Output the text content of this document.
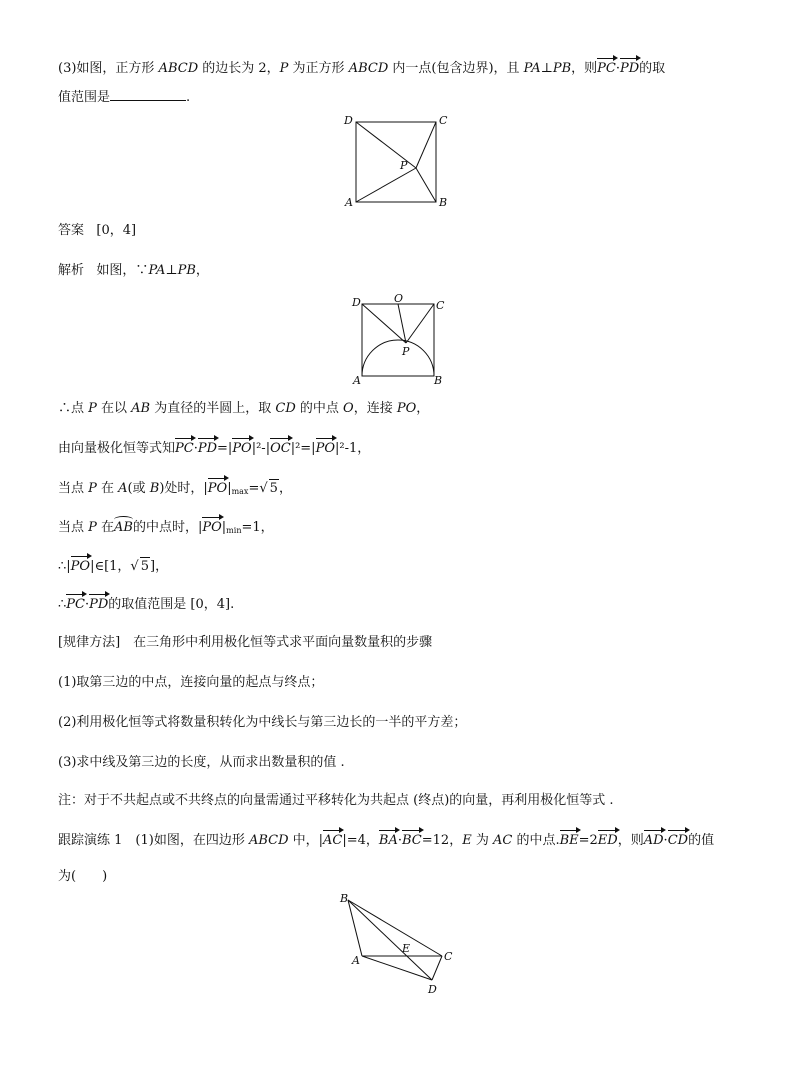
(3)如图，正方形 ABCD 的边长为 2，P 为正方形 ABCD 内一点(包含边界)，且 PA⊥PB，则PC·PD的取
值范围是	.
D	C
A	B
P
答案 [0，4]
解析 如图，∵PA⊥PB，
D	O
C
A	B
P
∴点 P 在以 AB 为直径的半圆上，取 CD 的中点 O，连接 PO，
由向量极化恒等式知PC·PD=|PO|²-|OC|²=|PO|²-1，
当点 P 在 A(或 B)处时，$|PO|_{max}=√$ 5，
当点 P 在AB的中点时，$|PO|_{min}=1$，
∴|PO|∈[1，√ 5]，
∴PC·PD的取值范围是 [0，4].
[规律方法]　在三角形中利用极化恒等式求平面向量数量积的步骤
(1)取第三边的中点，连接向量的起点与终点；
(2)利用极化恒等式将数量积转化为中线长与第三边长的一半的平方差；
(3)求中线及第三边的长度，从而求出数量积的值 .
注：对于不共起点或不共终点的向量需通过平移转化为共起点 (终点)的向量，再利用极化恒等式 .
跟踪演练 1　(1)如图，在四边形 ABCD 中，|AC|=4，BA·BC=12，E 为 AC 的中点.BE=2ED，则AD·CD的值
为(　　)
B
A
E
C
D
